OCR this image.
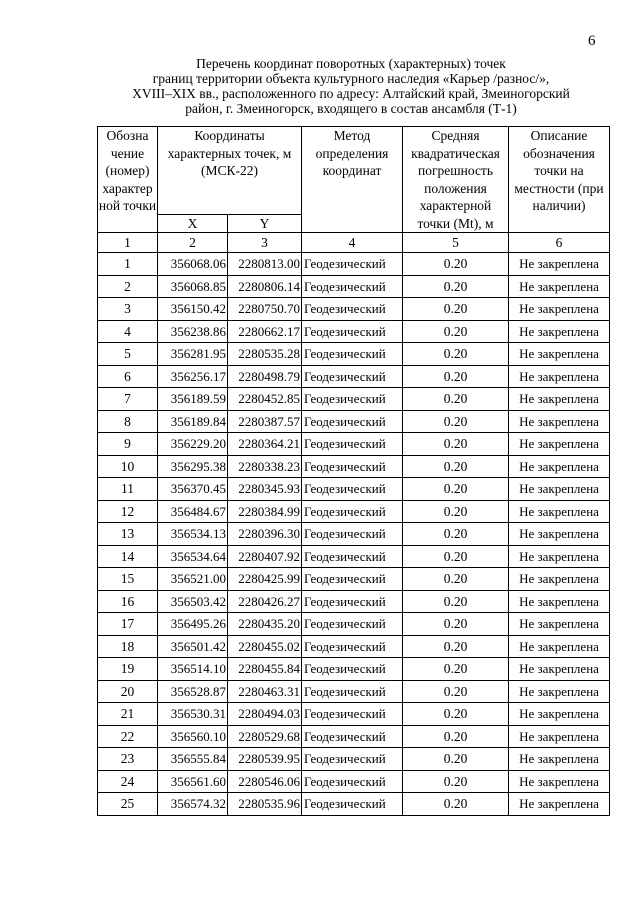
6
Перечень координат поворотных (характерных) точек
границ территории объекта культурного наследия «Карьер /разнос/»,
XVIII–XIX вв., расположенного по адресу: Алтайский край, Змеиногорский
район, г. Змеиногорск, входящего в состав ансамбля (Т-1)
Обозна чение (номер) характер ной точки	Координаты характерных точек, м (МСК-22)		Метод определения координат	Средняя квадратическая погрешность положения характерной точки (Mt), м	Описание обозначения точки на местности (при наличии)
	X	Y			
1	2	3	4	5	6
1	356068.06	2280813.00	Геодезический	0.20	Не закреплена
2	356068.85	2280806.14	Геодезический	0.20	Не закреплена
3	356150.42	2280750.70	Геодезический	0.20	Не закреплена
4	356238.86	2280662.17	Геодезический	0.20	Не закреплена
5	356281.95	2280535.28	Геодезический	0.20	Не закреплена
6	356256.17	2280498.79	Геодезический	0.20	Не закреплена
7	356189.59	2280452.85	Геодезический	0.20	Не закреплена
8	356189.84	2280387.57	Геодезический	0.20	Не закреплена
9	356229.20	2280364.21	Геодезический	0.20	Не закреплена
10	356295.38	2280338.23	Геодезический	0.20	Не закреплена
11	356370.45	2280345.93	Геодезический	0.20	Не закреплена
12	356484.67	2280384.99	Геодезический	0.20	Не закреплена
13	356534.13	2280396.30	Геодезический	0.20	Не закреплена
14	356534.64	2280407.92	Геодезический	0.20	Не закреплена
15	356521.00	2280425.99	Геодезический	0.20	Не закреплена
16	356503.42	2280426.27	Геодезический	0.20	Не закреплена
17	356495.26	2280435.20	Геодезический	0.20	Не закреплена
18	356501.42	2280455.02	Геодезический	0.20	Не закреплена
19	356514.10	2280455.84	Геодезический	0.20	Не закреплена
20	356528.87	2280463.31	Геодезический	0.20	Не закреплена
21	356530.31	2280494.03	Геодезический	0.20	Не закреплена
22	356560.10	2280529.68	Геодезический	0.20	Не закреплена
23	356555.84	2280539.95	Геодезический	0.20	Не закреплена
24	356561.60	2280546.06	Геодезический	0.20	Не закреплена
25	356574.32	2280535.96	Геодезический	0.20	Не закреплена
